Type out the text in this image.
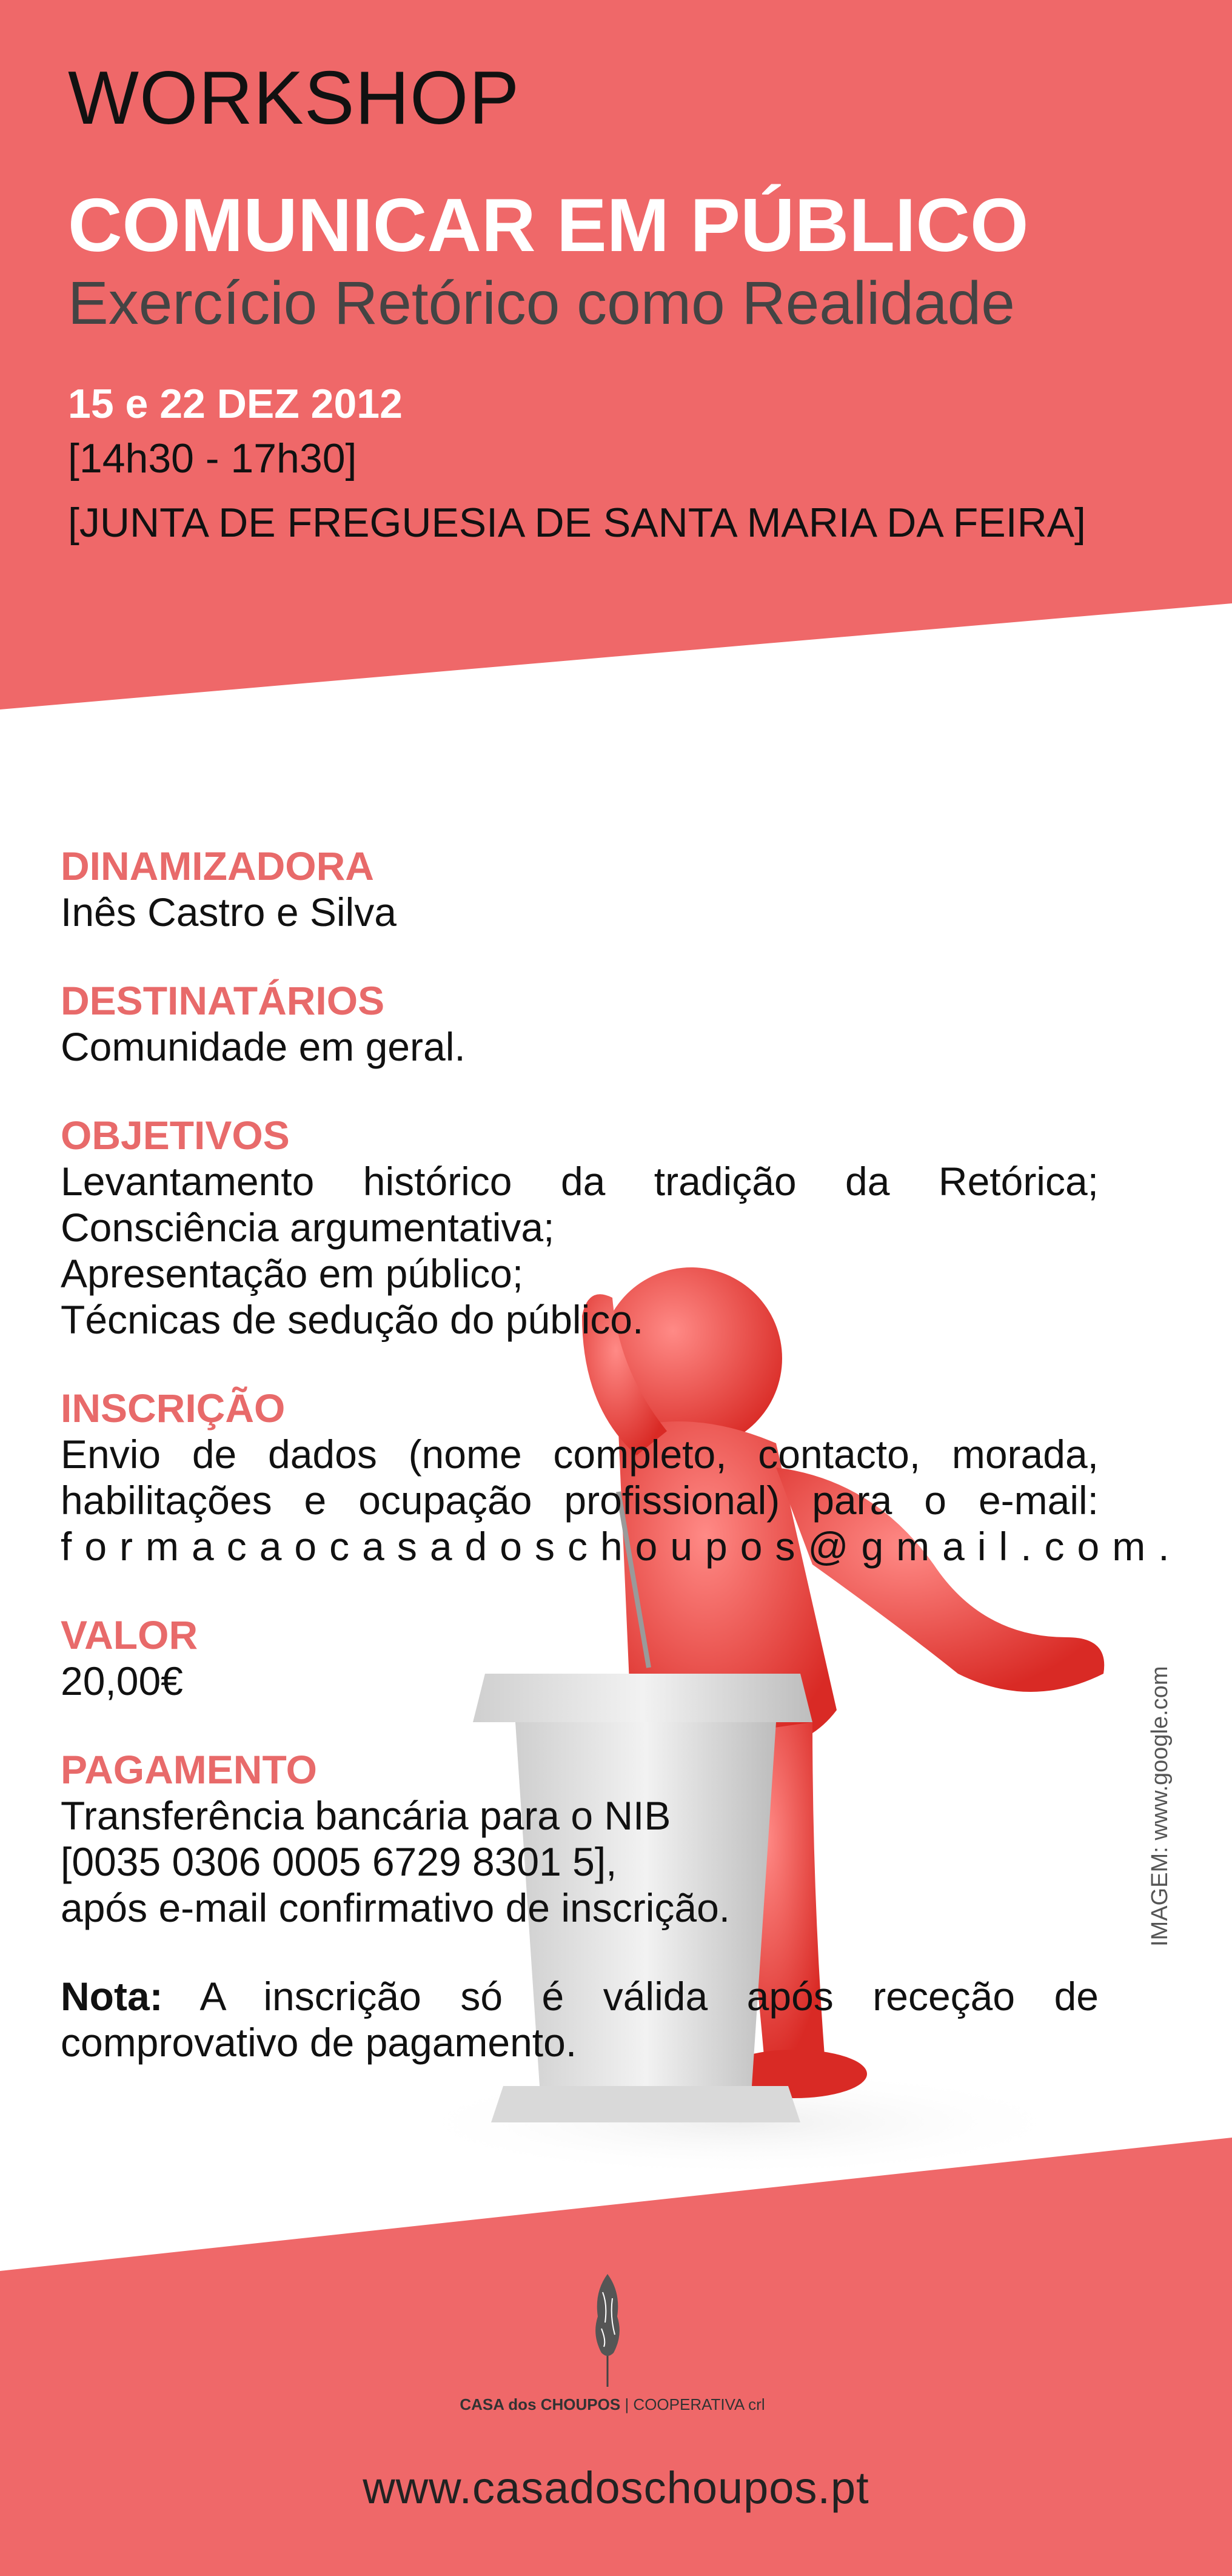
WORKSHOP
COMUNICAR EM PÚBLICO
Exercício Retórico como Realidade
15 e 22 DEZ 2012
[14h30 - 17h30]
[JUNTA DE FREGUESIA DE SANTA MARIA DA FEIRA]
DINAMIZADORA
Inês Castro e Silva
DESTINATÁRIOS
Comunidade em geral.
OBJETIVOS
Levantamento histórico da tradição da Retórica;
Consciência argumentativa;
Apresentação em público;
Técnicas de sedução do público.
INSCRIÇÃO
Envio de dados (nome completo, contacto, morada,
habilitações e ocupação profissional) para o e-mail:
formacaocasadoschoupos@gmail.com.
VALOR
20,00€
PAGAMENTO
Transferência bancária para o NIB
[0035 0306 0005 6729 8301 5],
após e-mail confirmativo de inscrição.
Nota: A inscrição só é válida após receção de
comprovativo de pagamento.
IMAGEM: www.google.com
CASA dos CHOUPOS | COOPERATIVA crl
www.casadoschoupos.pt
